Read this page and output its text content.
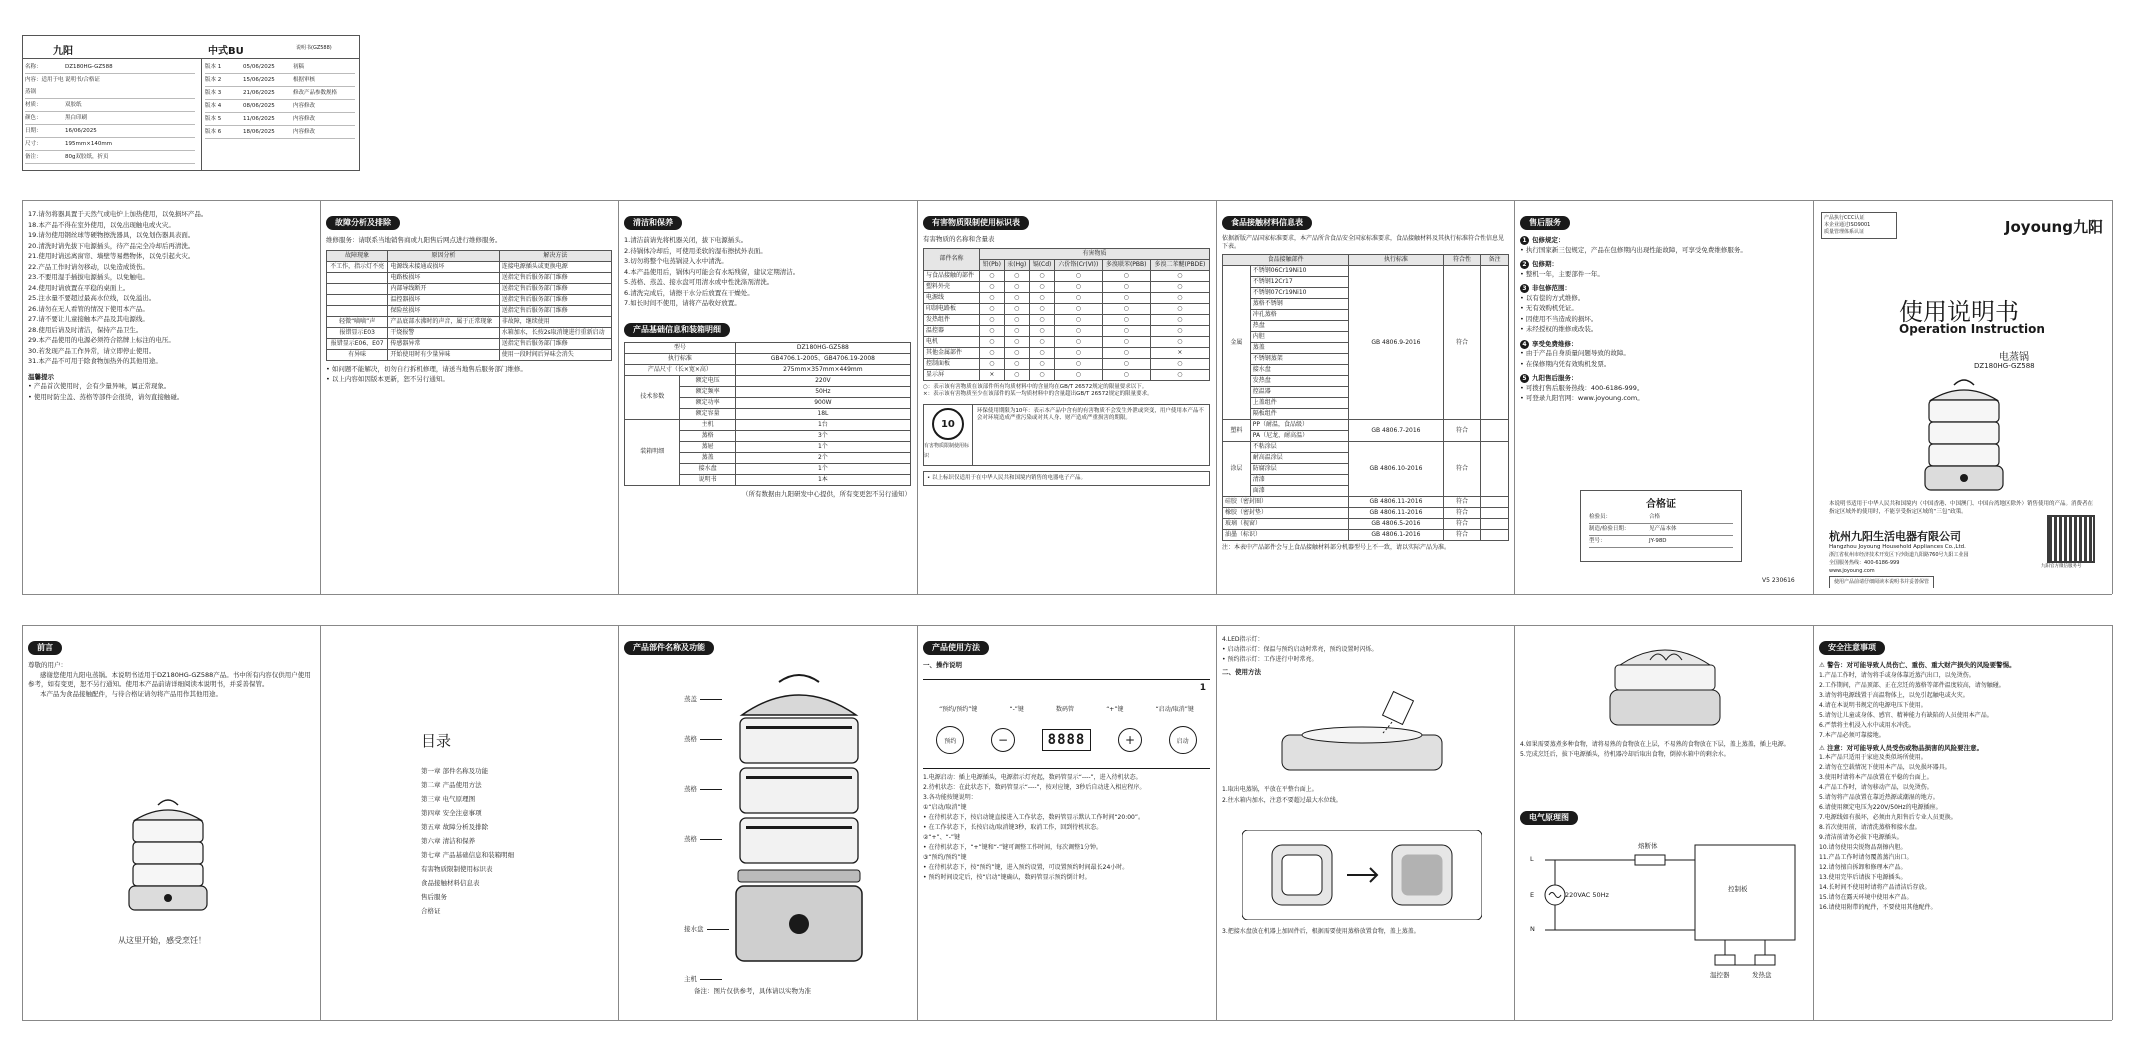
九阳	中式BU	说明书(GZ588)
名称：	DZ180HG-GZ588
内容：适用于电蒸锅
说明书/合格证
材质：	双胶纸
颜色：	黑白印刷
日期：	16/06/2025
尺寸：	195mm×140mm
备注：	80g双胶纸，折页
版本 1	05/06/2025	初稿
版本 2	15/06/2025	根据审核
版本 3	21/06/2025	修改产品参数规格
版本 4	08/06/2025	内容修改
版本 5	11/06/2025	内容修改
版本 6	18/06/2025	内容修改
17.请勿将器具置于天然气或电炉上加热使用，以免损坏产品。
18.本产品不得在室外使用，以免出现触电或火灾。
19.请勿使用钢丝球等硬物擦洗器具，以免划伤器具表面。
20.清洗时请先拔下电源插头，待产品完全冷却后再清洗。
21.使用时请远离窗帘、墙壁等易燃物体，以免引起火灾。
22.产品工作时请勿移动，以免造成烫伤。
23.不要用湿手插拔电源插头，以免触电。
24.使用时请放置在平稳的桌面上。
25.注水量不要超过最高水位线，以免溢出。
26.请勿在无人看管的情况下使用本产品。
27.请不要让儿童接触本产品及其电源线。
28.使用后请及时清洁，保持产品卫生。
29.本产品使用的电源必须符合铭牌上标注的电压。
30.若发现产品工作异常，请立即停止使用。
31.本产品不可用于除食物加热外的其他用途。
温馨提示
• 产品首次使用时，会有少量异味，属正常现象。
• 使用时防尘盖、蒸格等部件会很烫，请勿直接触碰。
故障分析及排除
维修服务：请联系当地销售商或九阳售后网点进行维修服务。
故障现象	原因分析	解决方法
不工作，指示灯不亮	电源线未接通或损坏	连接电源插头或更换电源
	电路板损坏	送指定售后服务部门维修
	内部导线断开	送指定售后服务部门维修
	温控器损坏	送指定售后服务部门维修
	保险丝损坏	送指定售后服务部门维修
轻微“嘀嘀”声	产品底部水沸时的声音，属于正常现象	非故障，继续使用
报错显示E03	干烧报警	水箱加水，长按2s取消键进行重新启动
报错显示E06、E07	传感器异常	送指定售后服务部门维修
有异味	开始使用时有少量异味	使用一段时间后异味会消失
• 如问题不能解决，切勿自行拆机修理，请送当地售后服务部门维修。
• 以上内容如因版本更新，恕不另行通知。
清洁和保养
1.清洁前请先将机器关闭，拔下电源插头。
2.待锅体冷却后，可使用柔软的湿布擦拭外表面。
3.切勿将整个电蒸锅浸入水中清洗。
4.本产品使用后，锅体内可能会有水垢残留，建议定期清洁。
5.蒸格、蒸盖、接水盘可用清水或中性洗涤剂清洗。
6.清洗完成后，请擦干水分后放置在干燥处。
7.如长时间不使用，请将产品收好放置。
产品基础信息和装箱明细
型号		DZ180HG-GZ588
执行标准		GB4706.1-2005、GB4706.19-2008
产品尺寸（长×宽×高）		275mm×357mm×449mm
技术参数	额定电压	220V
	额定频率	50Hz
	额定功率	900W
	额定容量	18L
装箱明细	主机	1台
	蒸格	3个
	蒸屉	1个
	蒸盖	2个
	接水盘	1个
	说明书	1本
（所有数据由九阳研发中心提供，所有变更恕不另行通知）
有害物质限制使用标识表
有害物质的名称和含量表
部件名称	有害物质					
	铅(Pb)	汞(Hg)	镉(Cd)	六价铬(Cr(VI))	多溴联苯(PBB)	多溴二苯醚(PBDE)
与食品接触的部件	○	○	○	○	○	○
塑料外壳	○	○	○	○	○	○
电源线	○	○	○	○	○	○
印制电路板	○	○	○	○	○	○
发热组件	○	○	○	○	○	○
温控器	○	○	○	○	○	○
电机	○	○	○	○	○	○
其他金属部件	○	○	○	○	○	×
控制面板	○	○	○	○	○	○
显示屏	×	○	○	○	○	○
○：表示该有害物质在该部件所有均质材料中的含量均在GB/T 26572规定的限量要求以下。
×：表示该有害物质至少在该部件的某一均质材料中的含量超出GB/T 26572规定的限量要求。
10
有害物质限制使用标识
环保使用期限为10年：表示本产品中含有的有害物质不会发生外泄或突变，用户使用本产品不会对环境造成严重污染或对其人身、财产造成严重损害的期限。
• 以上标识仅适用于在中华人民共和国境内销售的电器电子产品。
食品接触材料信息表
依据新版产品国家标准要求，本产品所含食品安全国家标准要求，食品接触材料及其执行标准符合性信息见下表。
食品接触部件		执行标准	符合性	备注
金属	不锈钢06Cr19Ni10	GB 4806.9-2016	符合	
	不锈钢12Cr17			
	不锈钢07Cr19Ni10			
	蒸格不锈钢			
	冲孔蒸格			
	热盘			
	内胆			
	蒸盖			
	不锈钢蒸架			
	接水盘			
	发热盘			
	控温器			
	上盖组件			
	隔板组件			
塑料	PP（耐温，食品级）	GB 4806.7-2016	符合	
	PA（尼龙，耐高温）			
涂层	不粘涂层	GB 4806.10-2016	符合	
	耐高温涂层			
	防腐涂层			
	清漆			
	面漆			
硅胶（密封圈）		GB 4806.11-2016	符合	
橡胶（密封垫）		GB 4806.11-2016	符合	
玻璃（视窗）		GB 4806.5-2016	符合	
油墨（标识）		GB 4806.1-2016	符合	
注：本表中产品部件会与上食品接触材料部分机器型号上不一致，请以实际产品为准。
售后服务
1 包修规定：
• 执行国家新三包规定，产品在包修期内出现性能故障，可享受免费维修服务。
2 包修期：
• 整机一年，主要部件一年。
3 非包修范围：
• 以有偿的方式维修。
• 无有效购机凭证。
• 因使用不当造成的损坏。
• 未经授权的维修或改装。
4 享受免费维修：
• 由于产品自身质量问题导致的故障。
• 在保修期内凭有效购机发票。
5 九阳售后服务：
• 可拨打售后服务热线：400-6186-999。
• 可登录九阳官网：www.joyoung.com。
合格证
检验员：	合格
制造/检验日期：	见产品本体
型号：	JY-98D
产品执行CCC认证
本企业通过ISO9001
质量管理体系认证	Joyoung九阳
使用说明书
Operation Instruction
电蒸锅
DZ180HG-GZ588
本说明书适用于中华人民共和国境内（中国香港、中国澳门、中国台湾地区除外）销售使用的产品。消费者在指定区域外的使用时，不能享受指定区域的“三包”政策。
杭州九阳生活电器有限公司
Hangzhou Joyoung Household Appliances Co.,Ltd.
浙江省杭州市经济技术开发区下沙街道九阳路760号九阳工业园
全国服务热线：400-6186-999
www.joyoung.com
使用产品前请仔细阅读本说明书并妥善保管
九阳官方微信服务号
V5 230616
前言
尊敬的用户：
感谢您使用九阳电蒸锅。本说明书适用于DZ180HG-GZ588产品。书中所有内容仅供用户使用参考，如有变更，恕不另行通知。使用本产品前请详细阅读本说明书，并妥善保管。
本产品为食品接触配件，与待合格证请勿将产品用作其他用途。
从这里开始，感受烹饪！
目录
第一章 部件名称及功能
第二章 产品使用方法
第三章 电气原理图
第四章 安全注意事项
第五章 故障分析及排除
第六章 清洁和保养
第七章 产品基础信息和装箱明细
有害物质限制使用标识表
食品接触材料信息表
售后服务
合格证
产品部件名称及功能
蒸盖
蒸格
蒸格
蒸格
接水盘
主机
备注：图片仅供参考，具体请以实物为准
产品使用方法
一、操作说明
1
“预约/预约”键	“-”键	数码管	“+”键	“启动/取消”键
预约	−	8888	+	启动
1.电源启动：插上电源插头，电源指示灯亮起，数码管显示“----”，进入待机状态。
2.待机状态：在此状态下，数码管显示“----”，按对应键，3秒后自动进入相应程序。
3.各功能按键说明：
①“启动/取消”键
• 在待机状态下，按启动键直接进入工作状态，数码管显示默认工作时间“20:00”。
• 在工作状态下，长按启动/取消键3秒，取消工作，回到待机状态。
②“+”、“-”键
• 在待机状态下，“+”键和“-”键可调整工作时间，每次调整1分钟。
③“预约/预约”键
• 在待机状态下，按“预约”键，进入预约设置，可设置预约时间最长24小时。
• 预约时间设定后，按“启动”键确认，数码管显示预约倒计时。
4.LED指示灯：
• 启动指示灯：保温与预约启动时常亮，预约设置时闪烁。
• 预约指示灯：工作进行中时常亮。
二、使用方法
1.取出电蒸锅，平放在平整台面上。
2.往水箱内加水，注意不要超过最大水位线。
3.把接水盘放在机器上加固件后，根据需要使用蒸格放置食物，盖上蒸盖。
4.如果需要蒸煮多种食物，请将易熟的食物放在上层，不易熟的食物放在下层，盖上蒸盖，插上电源。
5.完成烹饪后，拔下电源插头，待机器冷却后取出食物，倒掉水箱中的剩余水。
电气原理图
L
E
N
熔断体
220VAC 50Hz
控制板
温控器	发热盘
安全注意事项
⚠ 警告：对可能导致人员伤亡、重伤、重大财产损失的风险要警惕。
1.产品工作时，请勿将手或身体靠近蒸汽出口，以免烫伤。
2.工作期间，产品顶部、正在烹饪的蒸格等部件温度较高，请勿触碰。
3.请勿将电源线置于高温物体上，以免引起触电或火灾。
4.请在本说明书规定的电源电压下使用。
5.请勿让儿童或身体、感官、精神能力有缺陷的人员使用本产品。
6.严禁将主机浸入水中或用水冲洗。
7.本产品必须可靠接地。
⚠ 注意：对可能导致人员受伤或物品损害的风险要注意。
1.本产品只适用于家庭及类似场所使用。
2.请勿在空载情况下使用本产品，以免损坏器具。
3.使用时请将本产品放置在平稳的台面上。
4.产品工作时，请勿移动产品，以免烫伤。
5.请勿将产品放置在靠近热源或潮湿的地方。
6.请使用额定电压为220V/50Hz的电源插座。
7.电源线如有损坏，必须由九阳售后专业人员更换。
8.首次使用前，请清洗蒸格和接水盘。
9.清洁前请务必拔下电源插头。
10.请勿使用尖锐物品刮擦内胆。
11.产品工作时请勿覆盖蒸汽出口。
12.请勿擅自拆卸和修理本产品。
13.使用完毕后请拔下电源插头。
14.长时间不使用时请将产品清洁后存放。
15.请勿在露天环境中使用本产品。
16.请使用附带的配件，不要使用其他配件。
